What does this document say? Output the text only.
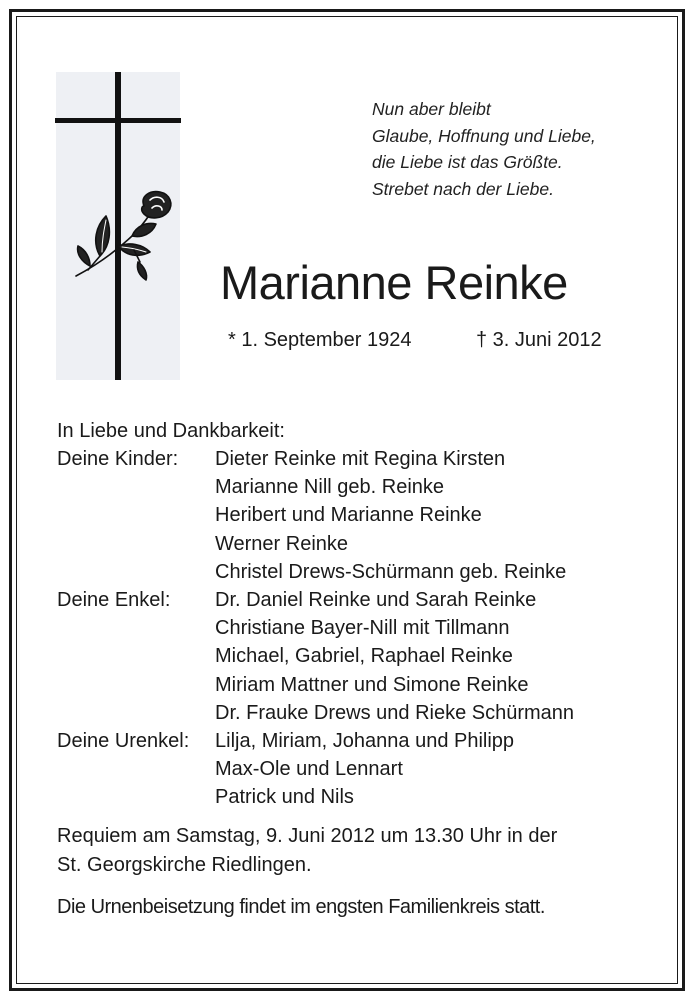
Nun aber bleibt
Glaube, Hoffnung und Liebe,
die Liebe ist das Größte.
Strebet nach der Liebe.
Marianne Reinke
* 1. September 1924	† 3. Juni 2012
In Liebe und Dankbarkeit:
Deine Kinder: Dieter Reinke mit Regina Kirsten
Marianne Nill geb. Reinke
Heribert und Marianne Reinke
Werner Reinke
Christel Drews-Schürmann geb. Reinke
Deine Enkel: Dr. Daniel Reinke und Sarah Reinke
Christiane Bayer-Nill mit Tillmann
Michael, Gabriel, Raphael Reinke
Miriam Mattner und Simone Reinke
Dr. Frauke Drews und Rieke Schürmann
Deine Urenkel: Lilja, Miriam, Johanna und Philipp
Max-Ole und Lennart
Patrick und Nils
Requiem am Samstag, 9. Juni 2012 um 13.30 Uhr in der
St. Georgskirche Riedlingen.
Die Urnenbeisetzung findet im engsten Familienkreis statt.
